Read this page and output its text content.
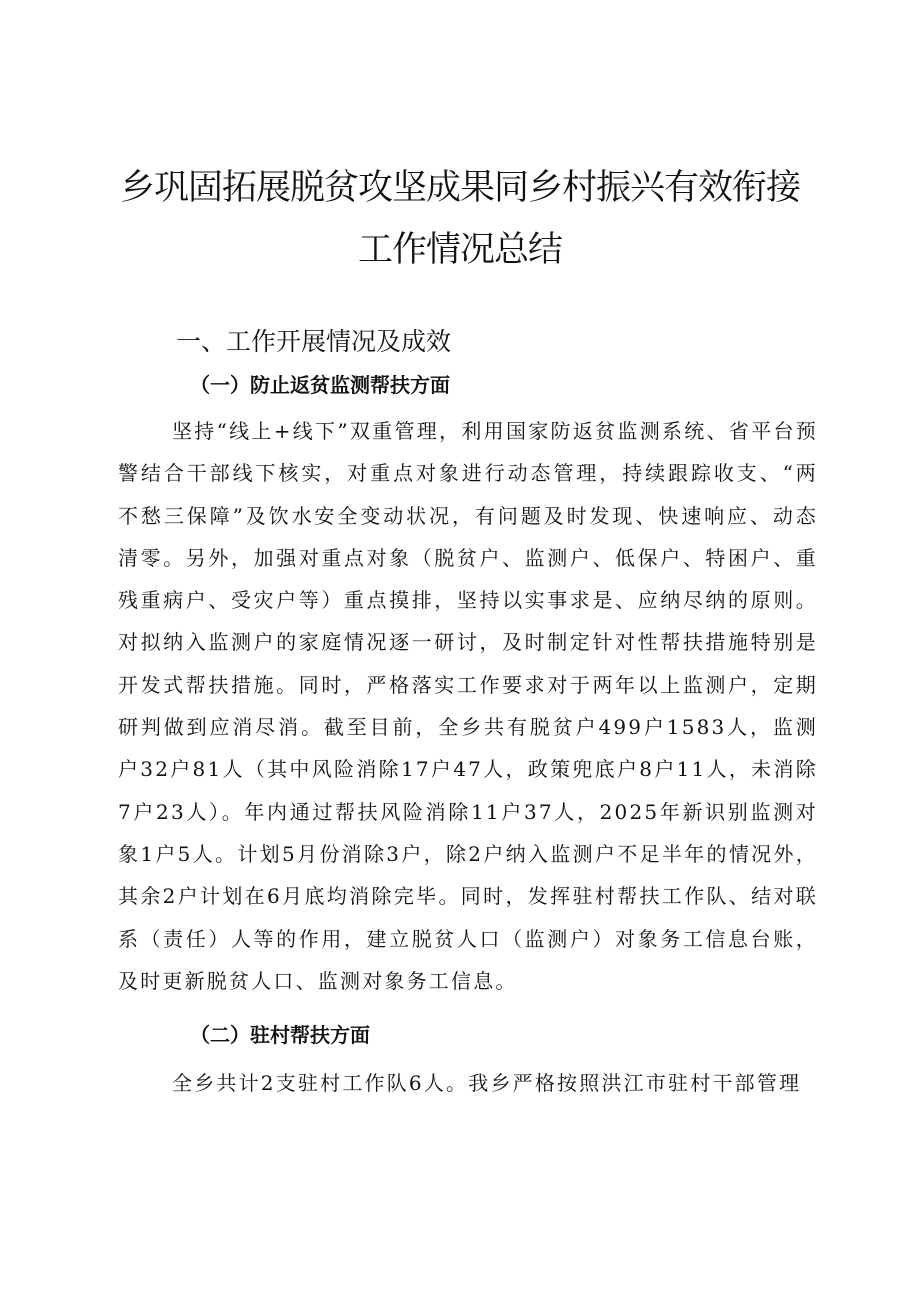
乡巩固拓展脱贫攻坚成果同乡村振兴有效衔接
工作情况总结
一、工作开展情况及成效
（一）防止返贫监测帮扶方面

坚持“线上+线下”双重管理，利用国家防返贫监测系统、省平台预警结合干部线下核实，对重点对象进行动态管理，持续跟踪收支、“两不愁三保障”及饮水安全变动状况，有问题及时发现、快速响应、动态清零。另外，加强对重点对象（脱贫户、监测户、低保户、特困户、重残重病户、受灾户等）重点摸排，坚持以实事求是、应纳尽纳的原则。对拟纳入监测户的家庭情况逐一研讨，及时制定针对性帮扶措施特别是开发式帮扶措施。同时，严格落实工作要求对于两年以上监测户，定期研判做到应消尽消。截至目前，全乡共有脱贫户499户1583人，监测户32户81人（其中风险消除17户47人，政策兜底户8户11人，未消除7户23人）。年内通过帮扶风险消除11户37人，2025年新识别监测对象1户5人。计划5月份消除3户，除2户纳入监测户不足半年的情况外，其余2户计划在6月底均消除完毕。同时，发挥驻村帮扶工作队、结对联系（责任）人等的作用，建立脱贫人口（监测户）对象务工信息台账，及时更新脱贫人口、监测对象务工信息。

（二）驻村帮扶方面

全乡共计2支驻村工作队6人。我乡严格按照洪江市驻村干部管理
